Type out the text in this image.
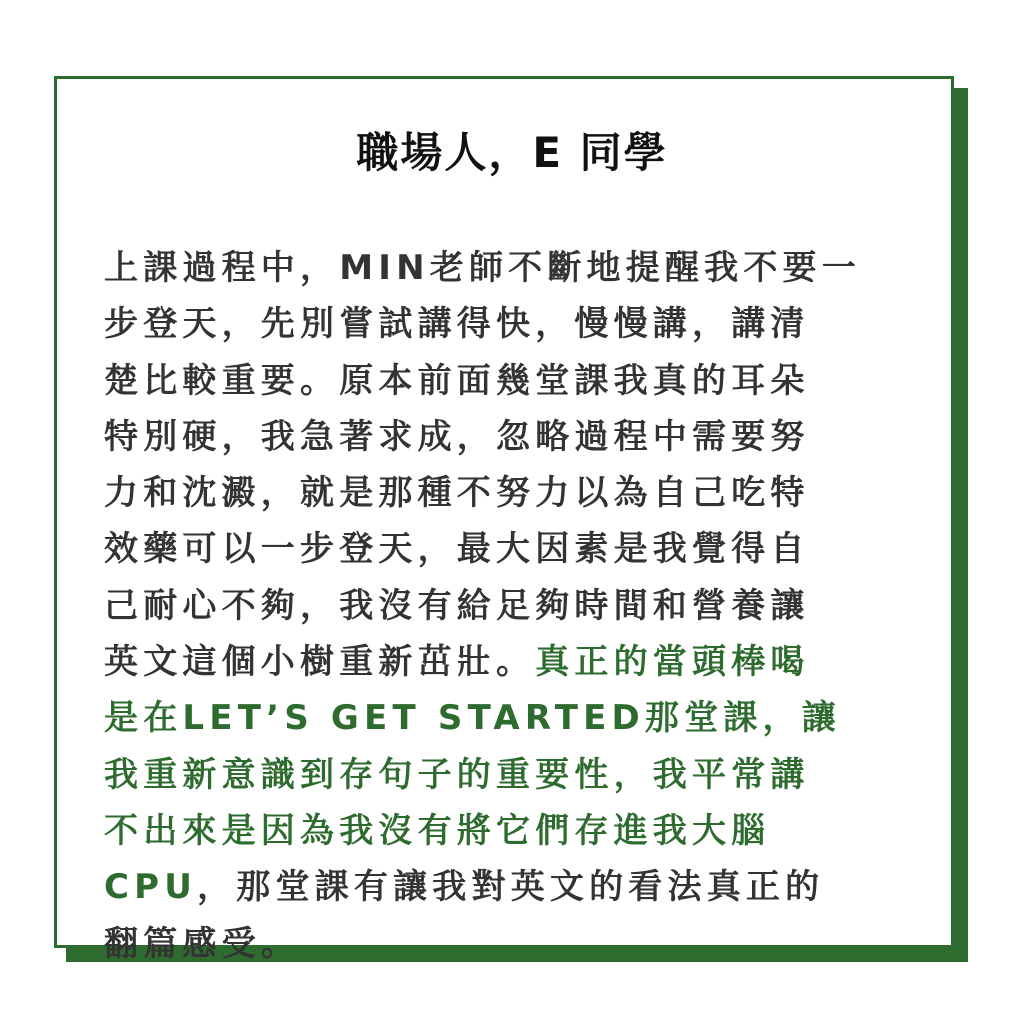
職場人，E 同學
上課過程中，MIN老師不斷地提醒我不要一
步登天，先別嘗試講得快，慢慢講，講清
楚比較重要。原本前面幾堂課我真的耳朵
特別硬，我急著求成，忽略過程中需要努
力和沈澱，就是那種不努力以為自己吃特
效藥可以一步登天，最大因素是我覺得自
己耐心不夠，我沒有給足夠時間和營養讓
英文這個小樹重新茁壯。真正的當頭棒喝
是在LET’S GET STARTED那堂課，讓
我重新意識到存句子的重要性，我平常講
不出來是因為我沒有將它們存進我大腦
CPU，那堂課有讓我對英文的看法真正的
翻篇感受。
